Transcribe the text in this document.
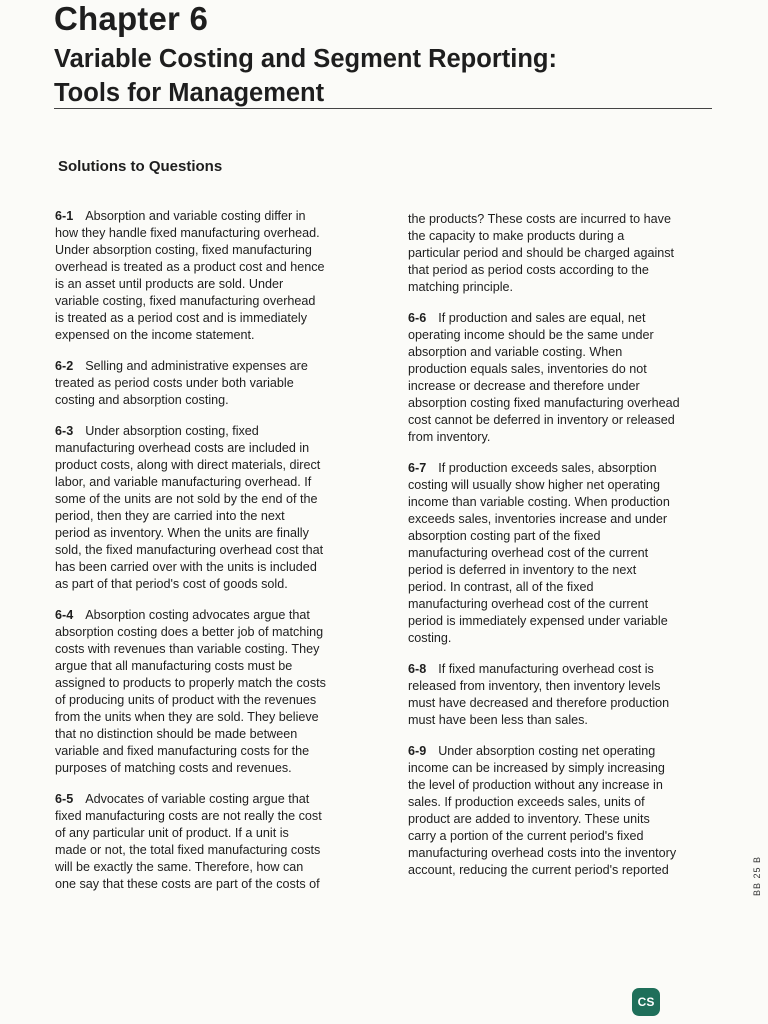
Chapter 6
Variable Costing and Segment Reporting:
Tools for Management
Solutions to Questions

6-1 Absorption and variable costing differ in
how they handle fixed manufacturing overhead.
Under absorption costing, fixed manufacturing
overhead is treated as a product cost and hence
is an asset until products are sold. Under
variable costing, fixed manufacturing overhead
is treated as a period cost and is immediately
expensed on the income statement.

6-2 Selling and administrative expenses are
treated as period costs under both variable
costing and absorption costing.

6-3 Under absorption costing, fixed
manufacturing overhead costs are included in
product costs, along with direct materials, direct
labor, and variable manufacturing overhead. If
some of the units are not sold by the end of the
period, then they are carried into the next
period as inventory. When the units are finally
sold, the fixed manufacturing overhead cost that
has been carried over with the units is included
as part of that period's cost of goods sold.

6-4 Absorption costing advocates argue that
absorption costing does a better job of matching
costs with revenues than variable costing. They
argue that all manufacturing costs must be
assigned to products to properly match the costs
of producing units of product with the revenues
from the units when they are sold. They believe
that no distinction should be made between
variable and fixed manufacturing costs for the
purposes of matching costs and revenues.

6-5 Advocates of variable costing argue that
fixed manufacturing costs are not really the cost
of any particular unit of product. If a unit is
made or not, the total fixed manufacturing costs
will be exactly the same. Therefore, how can
one say that these costs are part of the costs of

the products? These costs are incurred to have
the capacity to make products during a
particular period and should be charged against
that period as period costs according to the
matching principle.

6-6 If production and sales are equal, net
operating income should be the same under
absorption and variable costing. When
production equals sales, inventories do not
increase or decrease and therefore under
absorption costing fixed manufacturing overhead
cost cannot be deferred in inventory or released
from inventory.

6-7 If production exceeds sales, absorption
costing will usually show higher net operating
income than variable costing. When production
exceeds sales, inventories increase and under
absorption costing part of the fixed
manufacturing overhead cost of the current
period is deferred in inventory to the next
period. In contrast, all of the fixed
manufacturing overhead cost of the current
period is immediately expensed under variable
costing.

6-8 If fixed manufacturing overhead cost is
released from inventory, then inventory levels
must have decreased and therefore production
must have been less than sales.

6-9 Under absorption costing net operating
income can be increased by simply increasing
the level of production without any increase in
sales. If production exceeds sales, units of
product are added to inventory. These units
carry a portion of the current period's fixed
manufacturing overhead costs into the inventory
account, reducing the current period's reported

CS
BB 25 B
